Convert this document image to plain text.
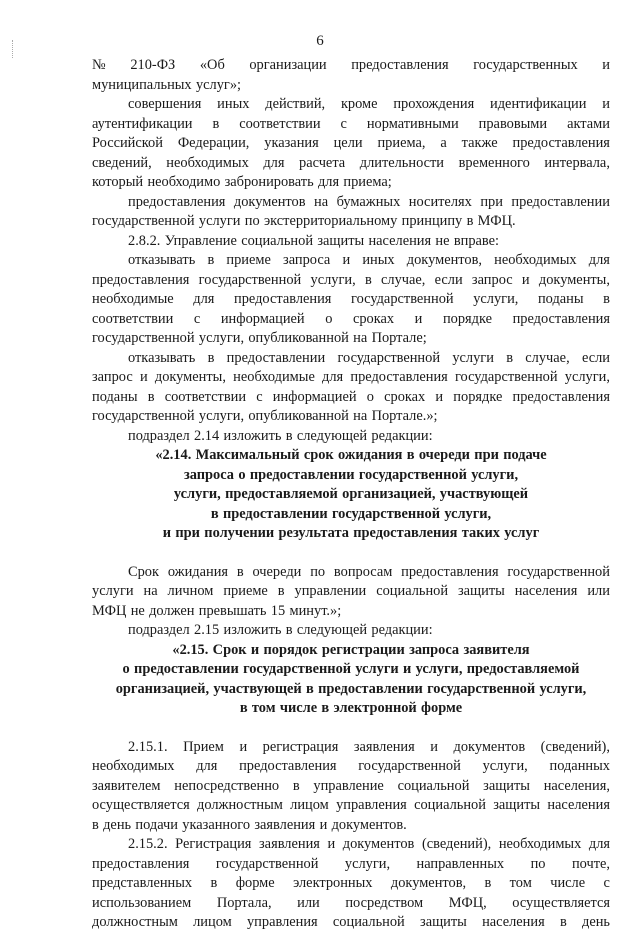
6
№ 210-ФЗ «Об организации предоставления государственных и
муниципальных услуг»;
совершения иных действий, кроме прохождения идентификации и
аутентификации в соответствии с нормативными правовыми актами
Российской Федерации, указания цели приема, а также предоставления
сведений, необходимых для расчета длительности временного интервала,
который необходимо забронировать для приема;
предоставления документов на бумажных носителях при предоставлении
государственной услуги по экстерриториальному принципу в МФЦ.
2.8.2. Управление социальной защиты населения не вправе:
отказывать в приеме запроса и иных документов, необходимых для
предоставления государственной услуги, в случае, если запрос и документы,
необходимые для предоставления государственной услуги, поданы в
соответствии с информацией о сроках и порядке предоставления
государственной услуги, опубликованной на Портале;
отказывать в предоставлении государственной услуги в случае, если
запрос и документы, необходимые для предоставления государственной услуги,
поданы в соответствии с информацией о сроках и порядке предоставления
государственной услуги, опубликованной на Портале.»;
подраздел 2.14 изложить в следующей редакции:
«2.14. Максимальный срок ожидания в очереди при подаче
запроса о предоставлении государственной услуги,
услуги, предоставляемой организацией, участвующей
в предоставлении государственной услуги,
и при получении результата предоставления таких услуг
Срок ожидания в очереди по вопросам предоставления государственной
услуги на личном приеме в управлении социальной защиты населения или
МФЦ не должен превышать 15 минут.»;
подраздел 2.15 изложить в следующей редакции:
«2.15. Срок и порядок регистрации запроса заявителя
о предоставлении государственной услуги и услуги, предоставляемой
организацией, участвующей в предоставлении государственной услуги,
в том числе в электронной форме
2.15.1. Прием и регистрация заявления и документов (сведений),
необходимых для предоставления государственной услуги, поданных
заявителем непосредственно в управление социальной защиты населения,
осуществляется должностным лицом управления социальной защиты населения
в день подачи указанного заявления и документов.
2.15.2. Регистрация заявления и документов (сведений), необходимых для
предоставления государственной услуги, направленных по почте,
представленных в форме электронных документов, в том числе с
использованием Портала, или посредством МФЦ, осуществляется
должностным лицом управления социальной защиты населения в день
